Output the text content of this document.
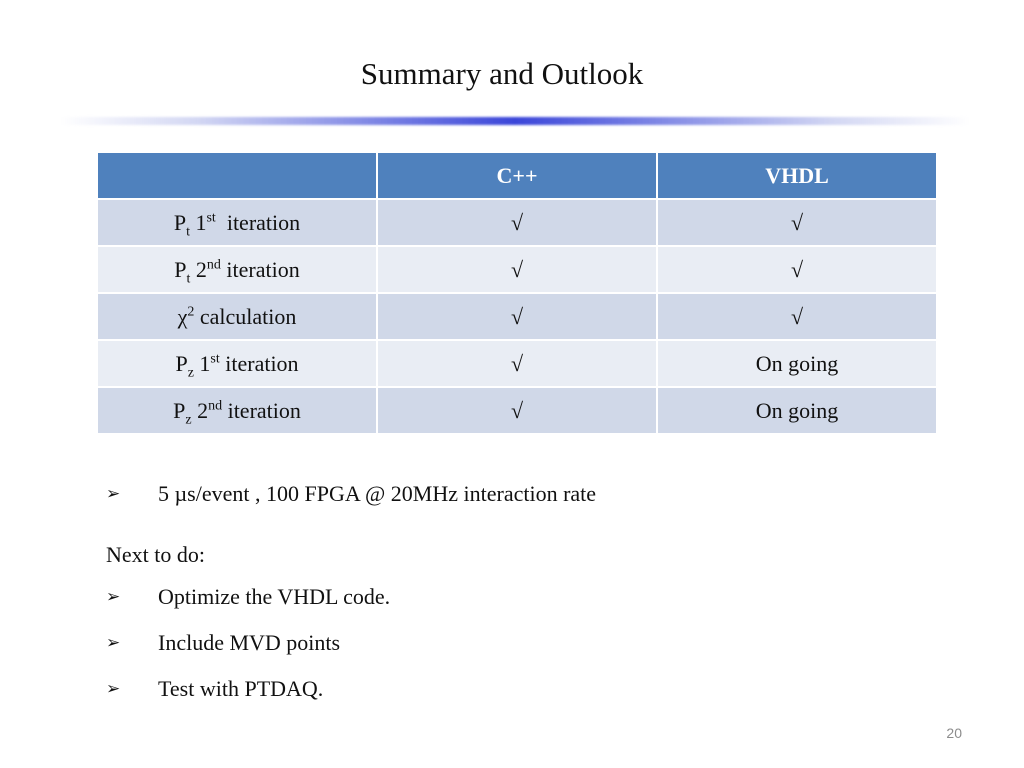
Summary and Outlook
	C++	VHDL
$P_t$ 1st iteration	√	√
$P_t$ 2nd iteration	√	√
$\chi^2$ calculation	√	√
$P_z$ 1st iteration	√	On going
$P_z$ 2nd iteration	√	On going
➢ 5 µs/event , 100 FPGA @ 20MHz interaction rate
Next to do:
➢ Optimize the VHDL code.
➢ Include MVD points
➢ Test with PTDAQ.
20
